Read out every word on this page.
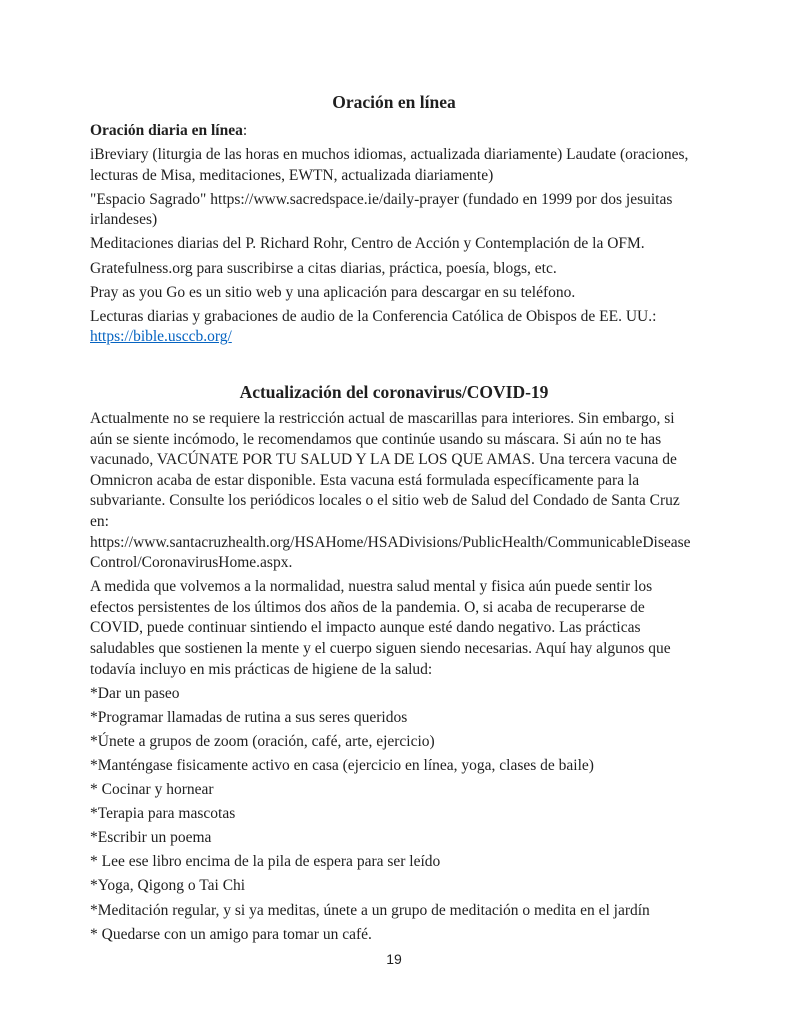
Oración en línea

Oración diaria en línea:

iBreviary (liturgia de las horas en muchos idiomas, actualizada diariamente) Laudate (oraciones, lecturas de Misa, meditaciones, EWTN, actualizada diariamente)

"Espacio Sagrado" https://www.sacredspace.ie/daily-prayer (fundado en 1999 por dos jesuitas irlandeses)

Meditaciones diarias del P. Richard Rohr, Centro de Acción y Contemplación de la OFM.

Gratefulness.org para suscribirse a citas diarias, práctica, poesía, blogs, etc.

Pray as you Go es un sitio web y una aplicación para descargar en su teléfono.

Lecturas diarias y grabaciones de audio de la Conferencia Católica de Obispos de EE. UU.:
https://bible.usccb.org/

Actualización del coronavirus/COVID-19

Actualmente no se requiere la restricción actual de mascarillas para interiores. Sin embargo, si aún se siente incómodo, le recomendamos que continúe usando su máscara. Si aún no te has vacunado, VACÚNATE POR TU SALUD Y LA DE LOS QUE AMAS. Una tercera vacuna de Omnicron acaba de estar disponible. Esta vacuna está formulada específicamente para la subvariante. Consulte los periódicos locales o el sitio web de Salud del Condado de Santa Cruz en:
https://www.santacruzhealth.org/HSAHome/HSADivisions/PublicHealth/CommunicableDiseaseControl/CoronavirusHome.aspx.

A medida que volvemos a la normalidad, nuestra salud mental y fisica aún puede sentir los efectos persistentes de los últimos dos años de la pandemia. O, si acaba de recuperarse de COVID, puede continuar sintiendo el impacto aunque esté dando negativo. Las prácticas saludables que sostienen la mente y el cuerpo siguen siendo necesarias. Aquí hay algunos que todavía incluyo en mis prácticas de higiene de la salud:

*Dar un paseo

*Programar llamadas de rutina a sus seres queridos

*Únete a grupos de zoom (oración, café, arte, ejercicio)

*Manténgase fisicamente activo en casa (ejercicio en línea, yoga, clases de baile)

* Cocinar y hornear

*Terapia para mascotas

*Escribir un poema

* Lee ese libro encima de la pila de espera para ser leído

*Yoga, Qigong o Tai Chi

*Meditación regular, y si ya meditas, únete a un grupo de meditación o medita en el jardín

* Quedarse con un amigo para tomar un café.

19
